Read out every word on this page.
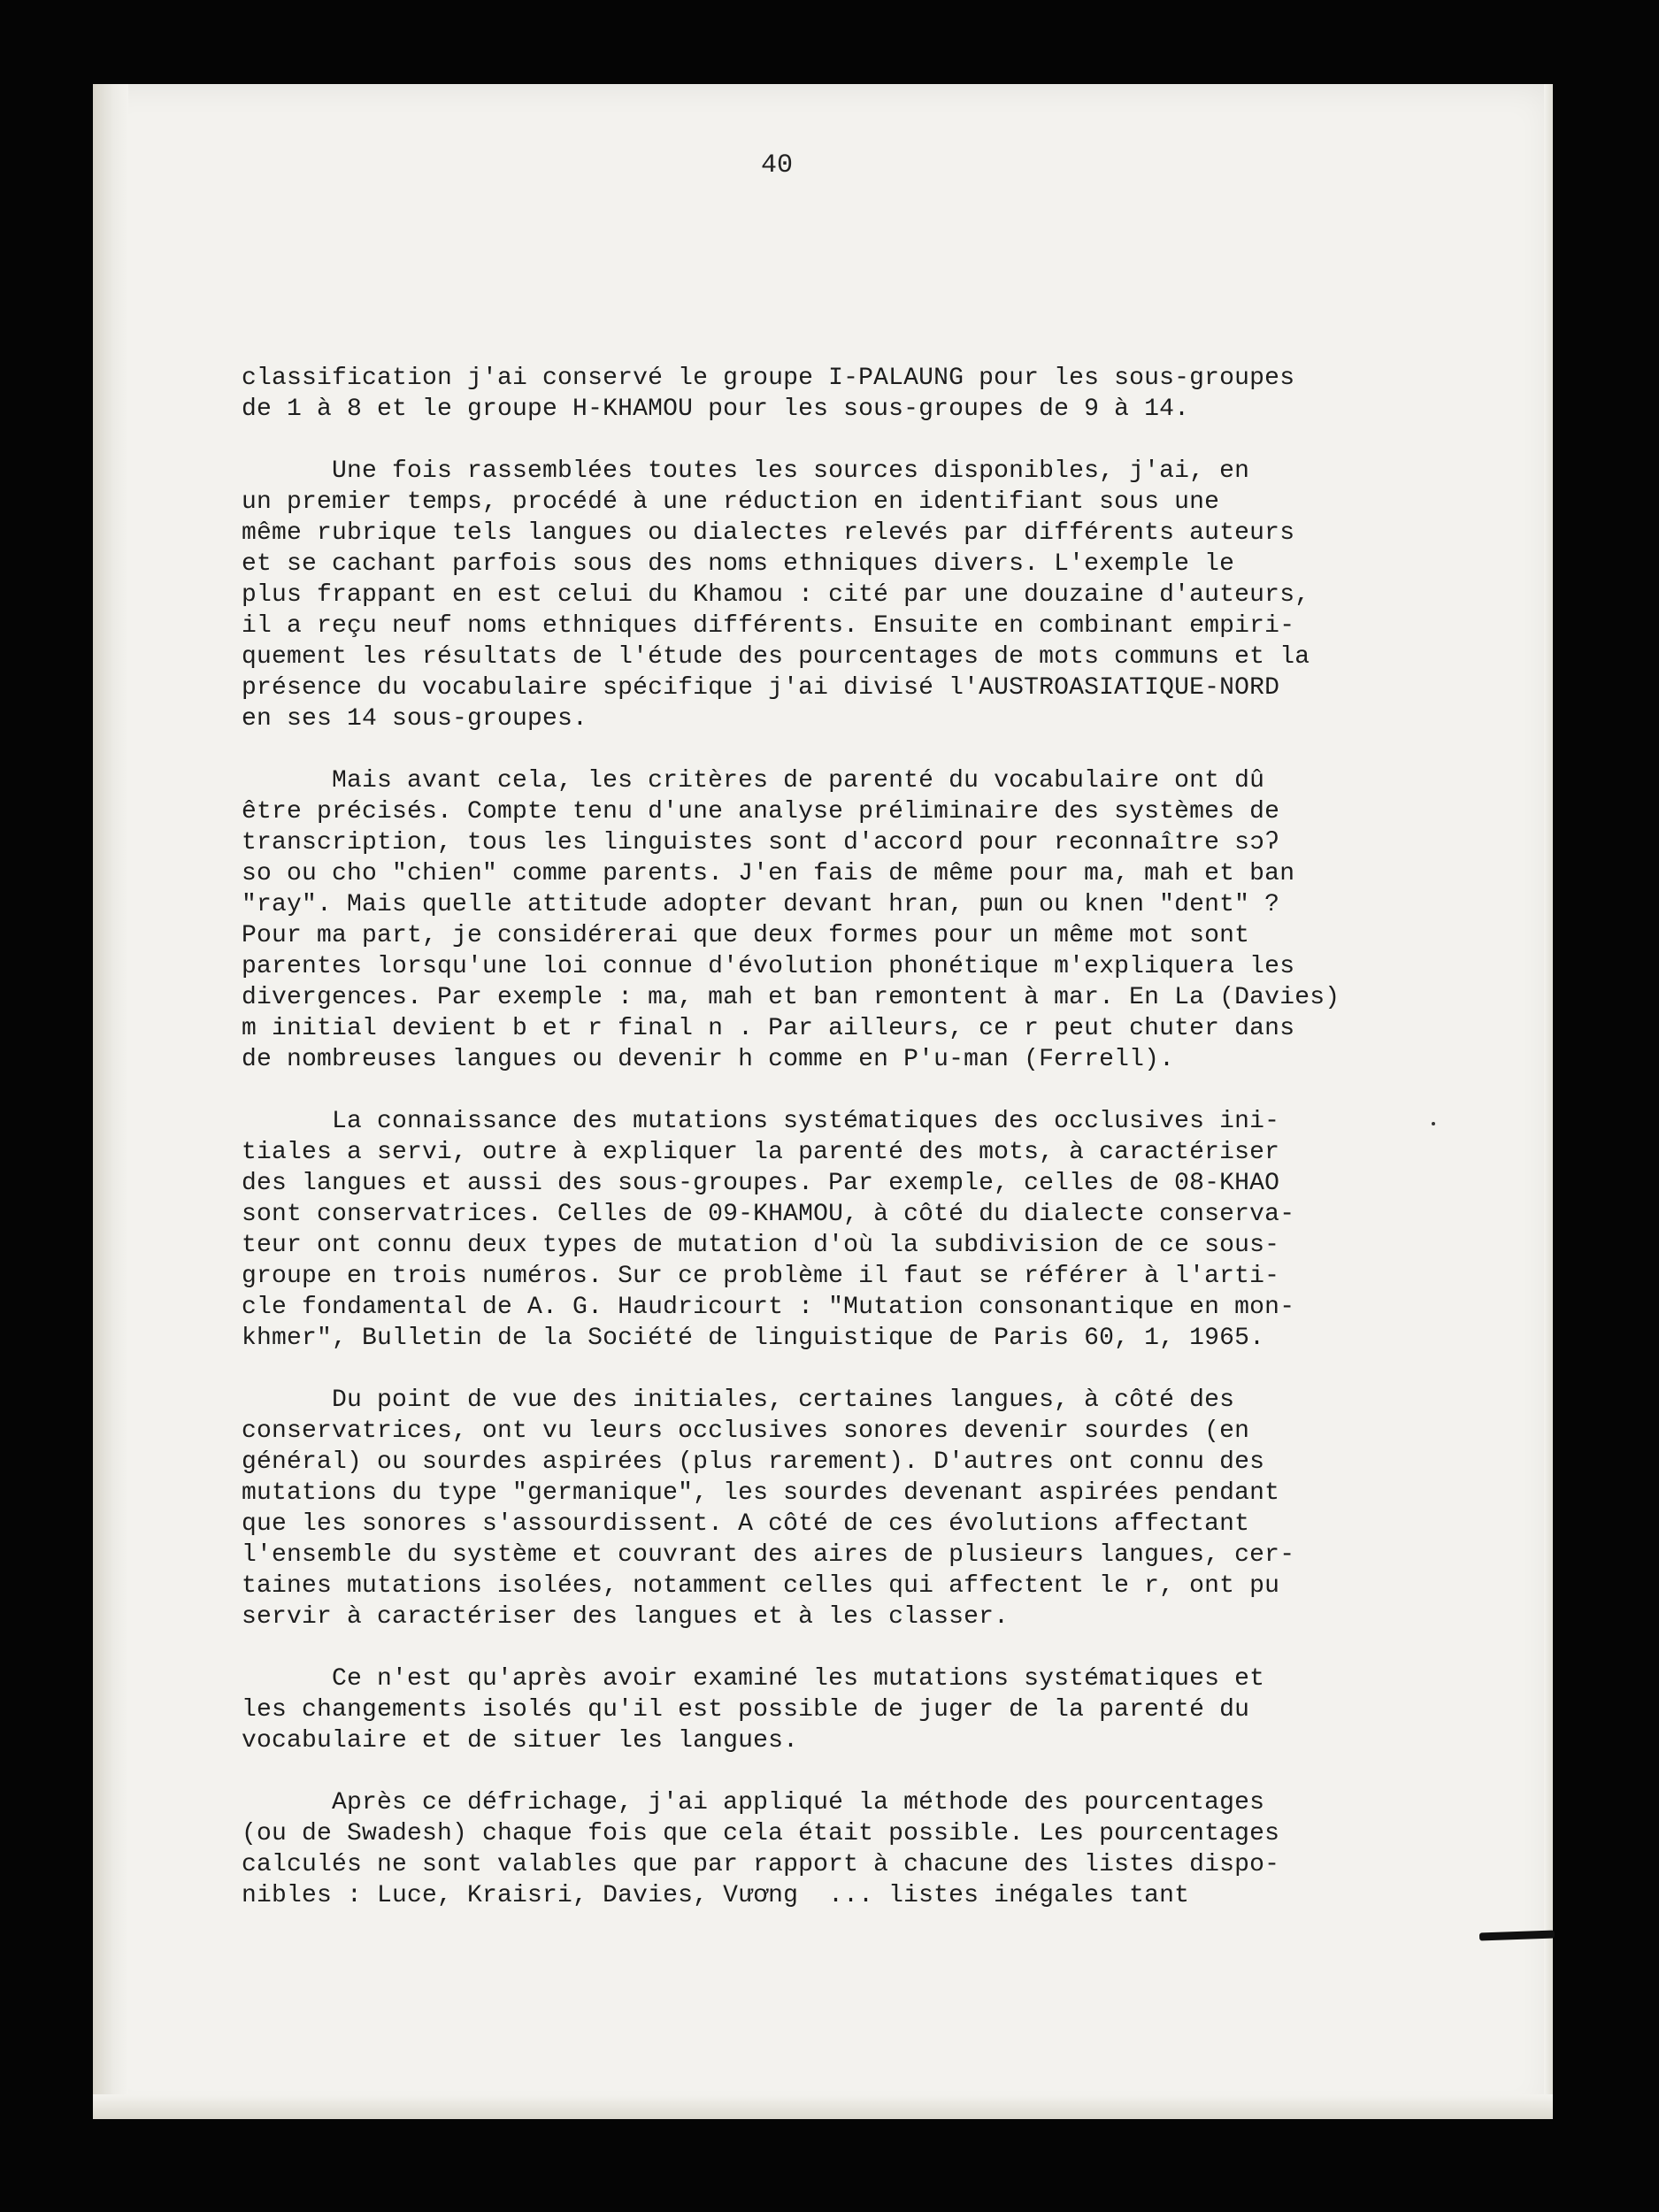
40
classification j'ai conservé le groupe I-PALAUNG pour les sous-groupes
de 1 à 8 et le groupe H-KHAMOU pour les sous-groupes de 9 à 14.
Une fois rassemblées toutes les sources disponibles, j'ai, en
un premier temps, procédé à une réduction en identifiant sous une
même rubrique tels langues ou dialectes relevés par différents auteurs
et se cachant parfois sous des noms ethniques divers. L'exemple le
plus frappant en est celui du Khamou : cité par une douzaine d'auteurs,
il a reçu neuf noms ethniques différents. Ensuite en combinant empiri-
quement les résultats de l'étude des pourcentages de mots communs et la
présence du vocabulaire spécifique j'ai divisé l'AUSTROASIATIQUE-NORD
en ses 14 sous-groupes.
Mais avant cela, les critères de parenté du vocabulaire ont dû
être précisés. Compte tenu d'une analyse préliminaire des systèmes de
transcription, tous les linguistes sont d'accord pour reconnaître sɔʔ
so ou cho "chien" comme parents. J'en fais de même pour ma, mah et ban
"ray". Mais quelle attitude adopter devant hran, pɯn ou knen "dent" ?
Pour ma part, je considérerai que deux formes pour un même mot sont
parentes lorsqu'une loi connue d'évolution phonétique m'expliquera les
divergences. Par exemple : ma, mah et ban remontent à mar. En La (Davies)
m initial devient b et r final n . Par ailleurs, ce r peut chuter dans
de nombreuses langues ou devenir h comme en P'u-man (Ferrell).
La connaissance des mutations systématiques des occlusives ini-
tiales a servi, outre à expliquer la parenté des mots, à caractériser
des langues et aussi des sous-groupes. Par exemple, celles de 08-KHAO
sont conservatrices. Celles de 09-KHAMOU, à côté du dialecte conserva-
teur ont connu deux types de mutation d'où la subdivision de ce sous-
groupe en trois numéros. Sur ce problème il faut se référer à l'arti-
cle fondamental de A. G. Haudricourt : "Mutation consonantique en mon-
khmer", Bulletin de la Société de linguistique de Paris 60, 1, 1965.
Du point de vue des initiales, certaines langues, à côté des
conservatrices, ont vu leurs occlusives sonores devenir sourdes (en
général) ou sourdes aspirées (plus rarement). D'autres ont connu des
mutations du type "germanique", les sourdes devenant aspirées pendant
que les sonores s'assourdissent. A côté de ces évolutions affectant
l'ensemble du système et couvrant des aires de plusieurs langues, cer-
taines mutations isolées, notamment celles qui affectent le r, ont pu
servir à caractériser des langues et à les classer.
Ce n'est qu'après avoir examiné les mutations systématiques et
les changements isolés qu'il est possible de juger de la parenté du
vocabulaire et de situer les langues.
Après ce défrichage, j'ai appliqué la méthode des pourcentages
(ou de Swadesh) chaque fois que cela était possible. Les pourcentages
calculés ne sont valables que par rapport à chacune des listes dispo-
nibles : Luce, Kraisri, Davies, Vương  ... listes inégales tant
